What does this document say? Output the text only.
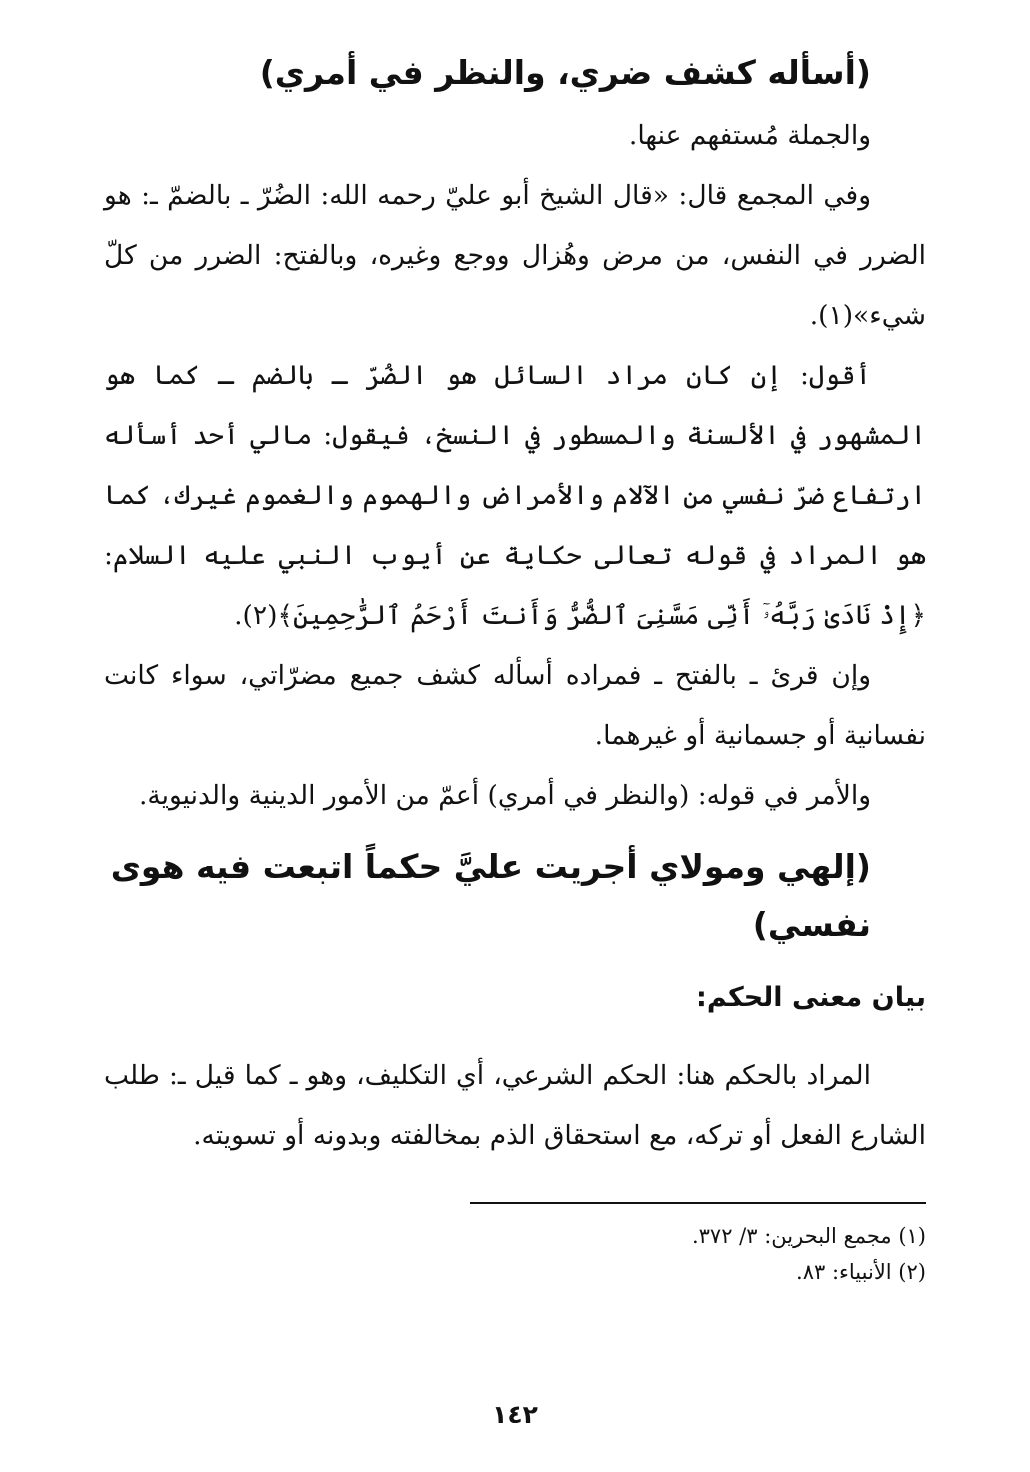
(أسأله كشف ضري، والنظر في أمري)

والجملة مُستفهم عنها.

وفي المجمع قال: «قال الشيخ أبو عليّ رحمه الله: الضُرّ ـ بالضمّ ـ: هو الضرر في النفس، من مرض وهُزال ووجع وغيره، وبالفتح: الضرر من كلّ شيء»(١).

أقول: إن كان مراد السائل هو الضُرّ ـ بالضم ـ كما هو المشهور في الألسنة والمسطور في النسخ، فيقول: مالي أحد أسأله ارتفاع ضرّ نفسي من الآلام والأمراض والهموم والغموم غيرك، كما هو المراد في قوله تعالى حكاية عن أيوب النبي عليه السلام: ﴿إِذْ نَادَىٰ رَبَّهُۥٓ أَنِّى مَسَّنِىَ ٱلضُّرُّ وَأَنتَ أَرْحَمُ ٱلرَّٰحِمِينَ﴾(٢).

وإن قرئ ـ بالفتح ـ فمراده أسأله كشف جميع مضرّاتي، سواء كانت نفسانية أو جسمانية أو غيرهما.

والأمر في قوله: (والنظر في أمري) أعمّ من الأمور الدينية والدنيوية.

(إلهي ومولاي أجريت عليَّ حكماً اتبعت فيه هوى نفسي)
بيان معنى الحكم:

المراد بالحكم هنا: الحكم الشرعي، أي التكليف، وهو ـ كما قيل ـ: طلب الشارع الفعل أو تركه، مع استحقاق الذم بمخالفته وبدونه أو تسويته.

(١) مجمع البحرين: ٣/ ٣٧٢.

(٢) الأنبياء: ٨٣.

١٤٢
